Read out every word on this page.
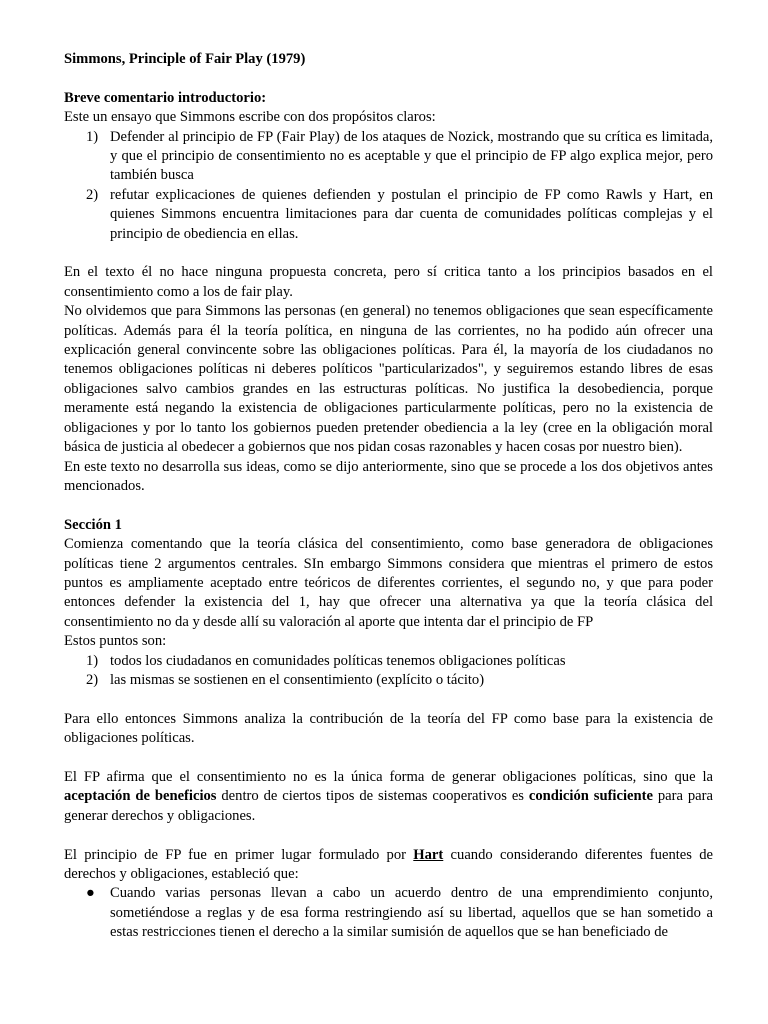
Simmons, Principle of Fair Play (1979)

Breve comentario introductorio:

Este un ensayo que Simmons escribe con dos propósitos claros:

1) Defender al principio de FP (Fair Play) de los ataques de Nozick, mostrando que su crítica es limitada, y que el principio de consentimiento no es aceptable y que el principio de FP algo explica mejor, pero también busca
2) refutar explicaciones de quienes defienden y postulan el principio de FP como Rawls y Hart, en quienes Simmons encuentra limitaciones para dar cuenta de comunidades políticas complejas y el principio de obediencia en ellas.

En el texto él no hace ninguna propuesta concreta, pero sí critica tanto a los principios basados en el consentimiento como a los de fair play.

No olvidemos que para Simmons las personas (en general) no tenemos obligaciones que sean específicamente políticas. Además para él la teoría política, en ninguna de las corrientes, no ha podido aún ofrecer una explicación general convincente sobre las obligaciones políticas. Para él, la mayoría de los ciudadanos no tenemos obligaciones políticas ni deberes políticos "particularizados", y seguiremos estando libres de esas obligaciones salvo cambios grandes en las estructuras políticas. No justifica la desobediencia, porque meramente está negando la existencia de obligaciones particularmente políticas, pero no la existencia de obligaciones y por lo tanto los gobiernos pueden pretender obediencia a la ley (cree en la obligación moral básica de justicia al obedecer a gobiernos que nos pidan cosas razonables y hacen cosas por nuestro bien).

En este texto no desarrolla sus ideas, como se dijo anteriormente, sino que se procede a los dos objetivos antes mencionados.

Sección 1

Comienza comentando que la teoría clásica del consentimiento, como base generadora de obligaciones políticas tiene 2 argumentos centrales. SIn embargo Simmons considera que mientras el primero de estos puntos es ampliamente aceptado entre teóricos de diferentes corrientes, el segundo no, y que para poder entonces defender la existencia del 1, hay que ofrecer una alternativa ya que la teoría clásica del consentimiento no da y desde allí su valoración al aporte que intenta dar el principio de FP

Estos puntos son:

1) todos los ciudadanos en comunidades políticas tenemos obligaciones políticas
2) las mismas se sostienen en el consentimiento (explícito o tácito)

Para ello entonces Simmons analiza la contribución de la teoría del FP como base para la existencia de obligaciones políticas.

El FP afirma que el consentimiento no es la única forma de generar obligaciones políticas, sino que la aceptación de beneficios dentro de ciertos tipos de sistemas cooperativos es condición suficiente para para generar derechos y obligaciones.

El principio de FP fue en primer lugar formulado por Hart cuando considerando diferentes fuentes de derechos y obligaciones, estableció que:

● Cuando varias personas llevan a cabo un acuerdo dentro de una emprendimiento conjunto, sometiéndose a reglas y de esa forma restringiendo así su libertad, aquellos que se han sometido a estas restricciones tienen el derecho a la similar sumisión de aquellos que se han beneficiado de
